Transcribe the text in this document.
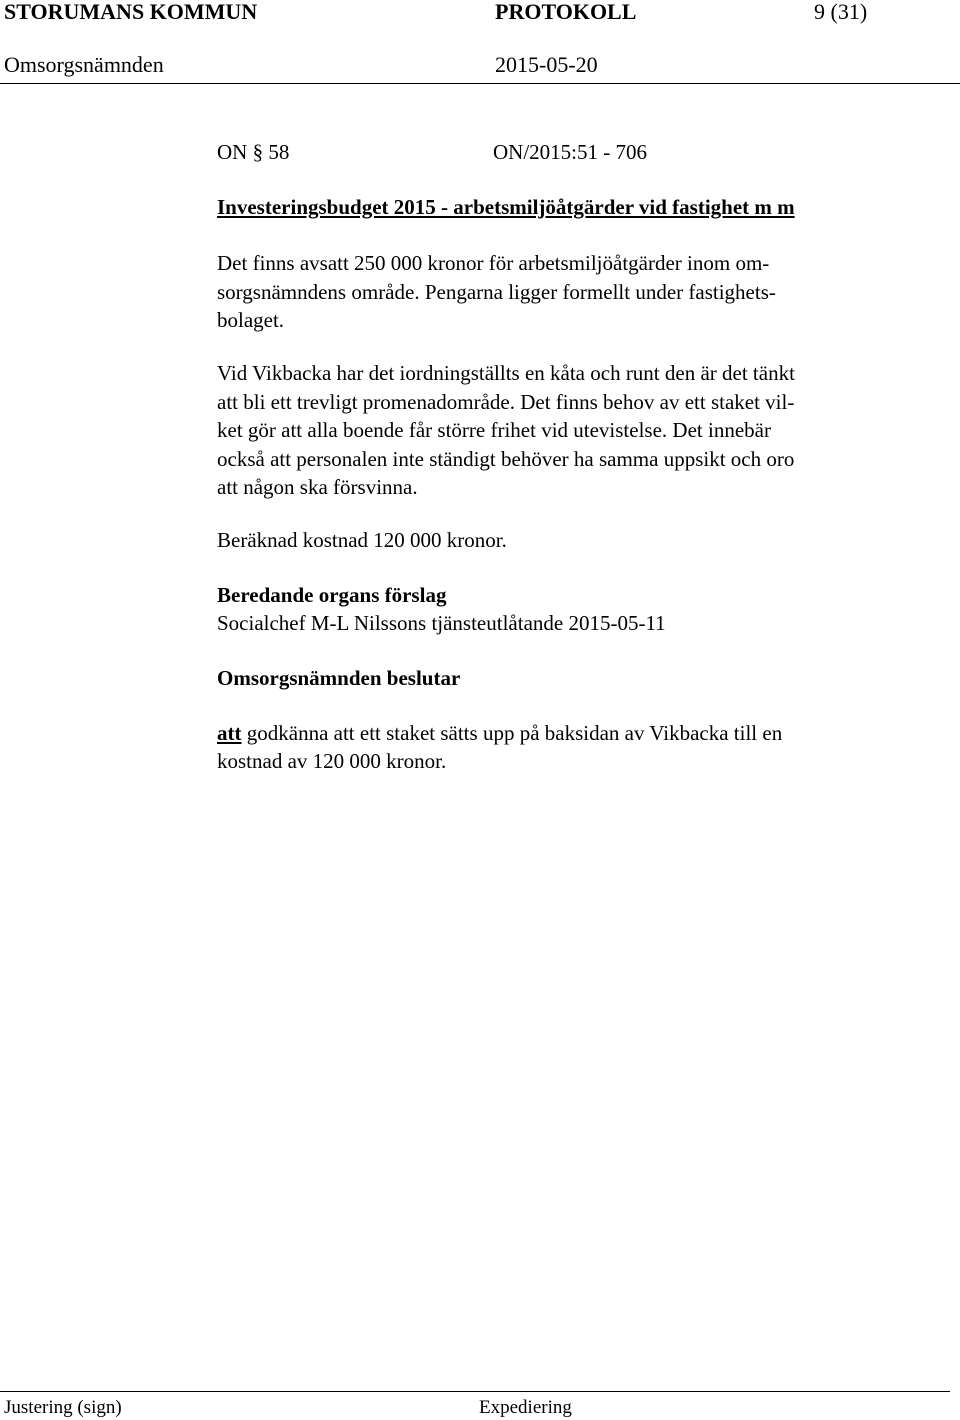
STORUMANS KOMMUN	PROTOKOLL	9 (31)
Omsorgsnämnden	2015-05-20
ON § 58	ON/2015:51 - 706
Investeringsbudget 2015 - arbetsmiljöåtgärder vid fastighet m m
Det finns avsatt 250 000 kronor för arbetsmiljöåtgärder inom om-
sorgsnämndens område. Pengarna ligger formellt under fastighets-
bolaget.
Vid Vikbacka har det iordningställts en kåta och runt den är det tänkt
att bli ett trevligt promenadområde. Det finns behov av ett staket vil-
ket gör att alla boende får större frihet vid utevistelse. Det innebär
också att personalen inte ständigt behöver ha samma uppsikt och oro
att någon ska försvinna.
Beräknad kostnad 120 000 kronor.
Beredande organs förslag
Socialchef M-L Nilssons tjänsteutlåtande 2015-05-11
Omsorgsnämnden beslutar
att godkänna att ett staket sätts upp på baksidan av Vikbacka till en
kostnad av 120 000 kronor.
Justering (sign)	Expediering
